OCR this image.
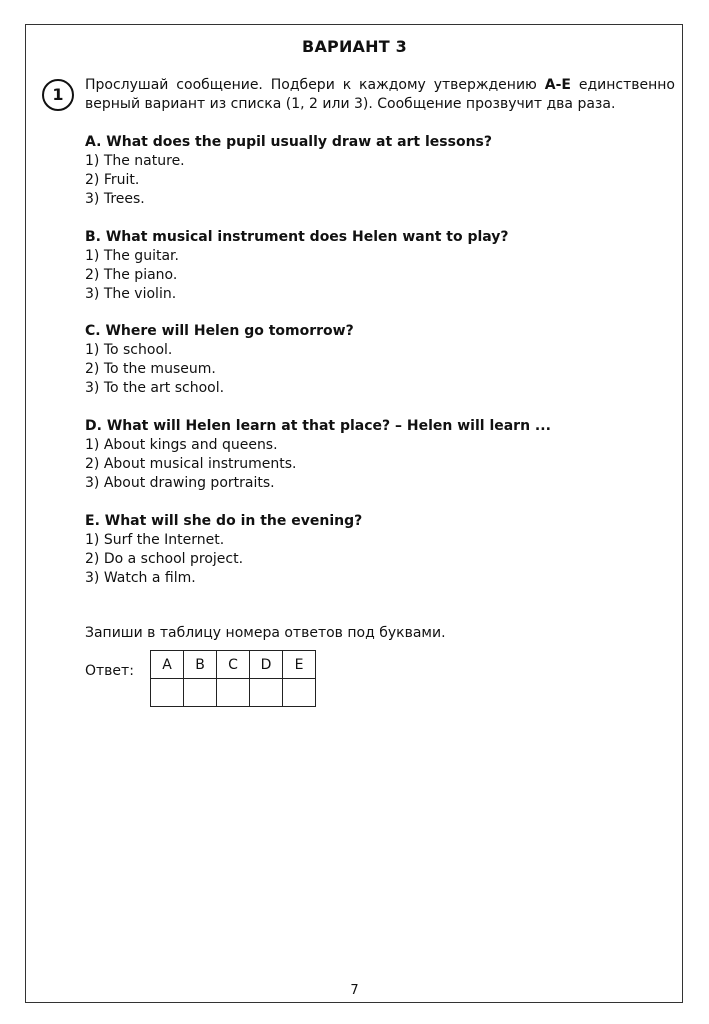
ВАРИАНТ 3
1	Прослушай сообщение. Подбери к каждому утверждению A-E единственно верный вариант из списка (1, 2 или 3). Сообщение прозвучит два раза.
A. What does the pupil usually draw at art lessons?
1) The nature.
2) Fruit.
3) Trees.
B. What musical instrument does Helen want to play?
1) The guitar.
2) The piano.
3) The violin.
C. Where will Helen go tomorrow?
1) To school.
2) To the museum.
3) To the art school.
D. What will Helen learn at that place? – Helen will learn ...
1) About kings and queens.
2) About musical instruments.
3) About drawing portraits.
E. What will she do in the evening?
1) Surf the Internet.
2) Do a school project.
3) Watch a film.
Запиши в таблицу номера ответов под буквами.
Ответ: A	B	C	D	E

7
